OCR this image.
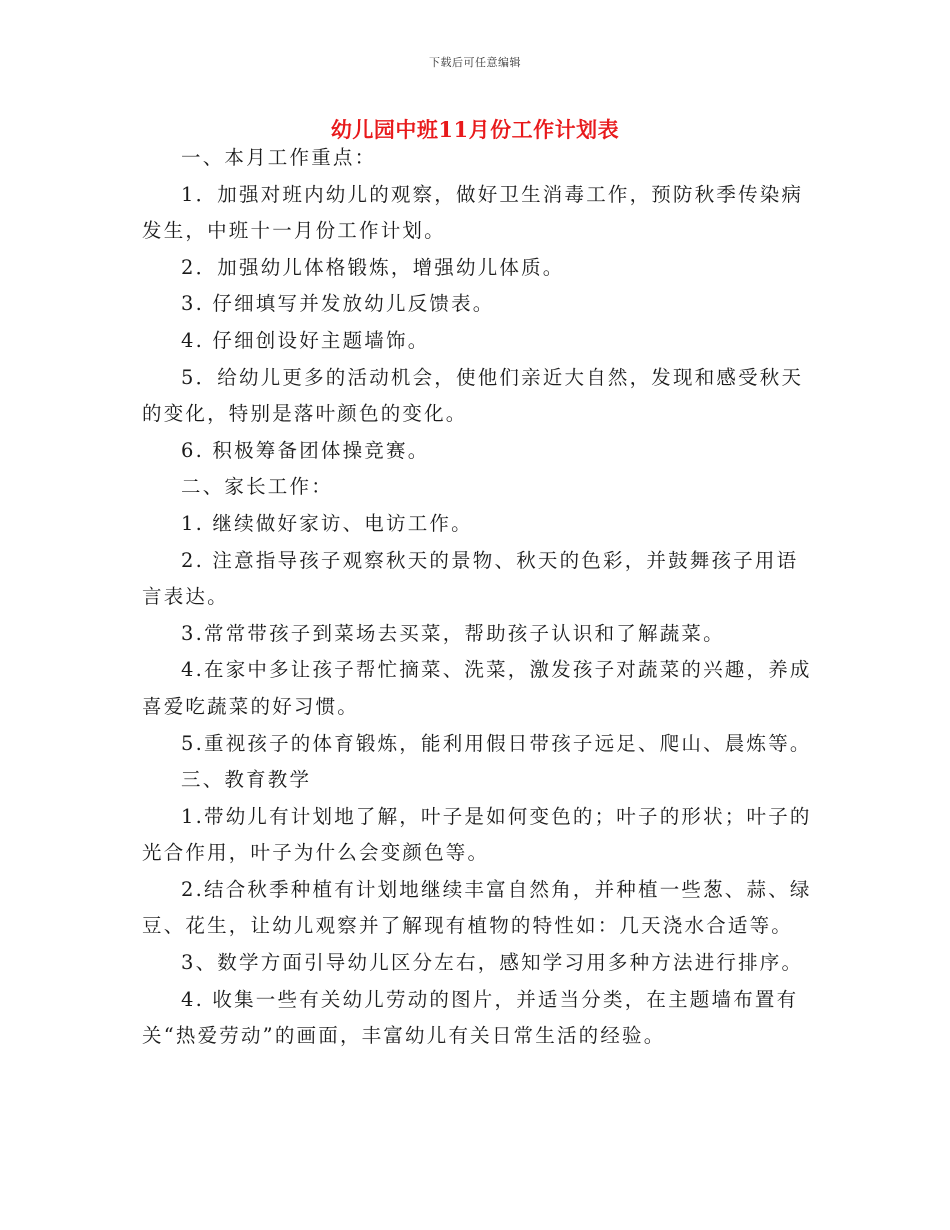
下载后可任意编辑
幼儿园中班11月份工作计划表

一、本月工作重点：

1．加强对班内幼儿的观察，做好卫生消毒工作，预防秋季传染病发生，中班十一月份工作计划。

2．加强幼儿体格锻炼，增强幼儿体质。

3. 仔细填写并发放幼儿反馈表。

4. 仔细创设好主题墙饰。

5．给幼儿更多的活动机会，使他们亲近大自然，发现和感受秋天的变化，特别是落叶颜色的变化。

6. 积极筹备团体操竞赛。

二、家长工作：

1. 继续做好家访、电访工作。

2. 注意指导孩子观察秋天的景物、秋天的色彩，并鼓舞孩子用语言表达。

3.常常带孩子到菜场去买菜，帮助孩子认识和了解蔬菜。

4.在家中多让孩子帮忙摘菜、洗菜，激发孩子对蔬菜的兴趣，养成喜爱吃蔬菜的好习惯。

5.重视孩子的体育锻炼，能利用假日带孩子远足、爬山、晨炼等。

三、教育教学

1.带幼儿有计划地了解，叶子是如何变色的；叶子的形状；叶子的光合作用，叶子为什么会变颜色等。

2.结合秋季种植有计划地继续丰富自然角，并种植一些葱、蒜、绿豆、花生，让幼儿观察并了解现有植物的特性如：几天浇水合适等。

3、数学方面引导幼儿区分左右，感知学习用多种方法进行排序。

4. 收集一些有关幼儿劳动的图片，并适当分类，在主题墙布置有关“热爱劳动”的画面，丰富幼儿有关日常生活的经验。
